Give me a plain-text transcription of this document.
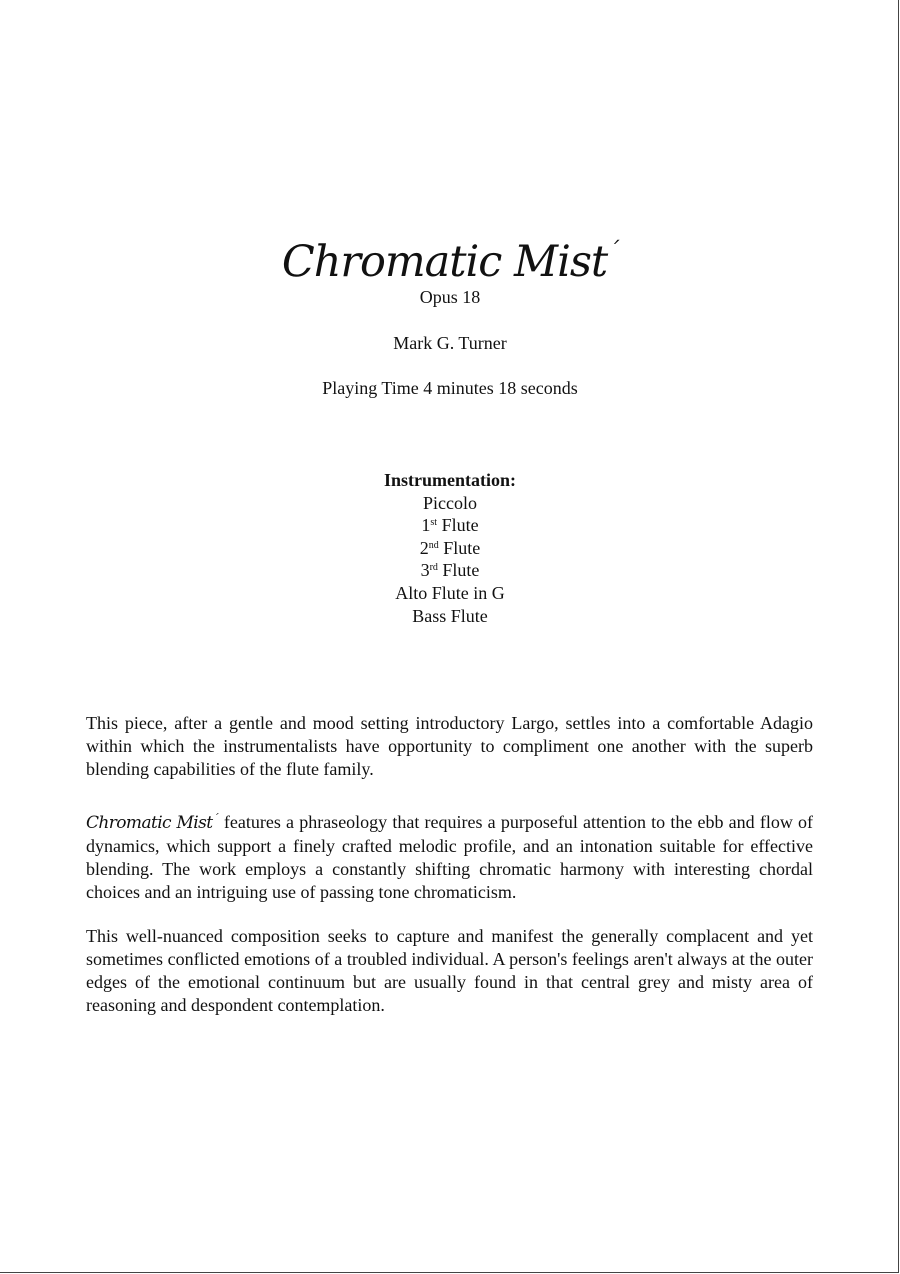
Chromatic Mistˊ
Opus 18
Mark G. Turner
Playing Time 4 minutes 18 seconds
Instrumentation:
Piccolo
1st Flute
2nd Flute
3rd Flute
Alto Flute in G
Bass Flute

This piece, after a gentle and mood setting introductory Largo, settles into a comfortable Adagio within which the instrumentalists have opportunity to compliment one another with the superb blending capabilities of the flute family.

Chromatic Mist$^ˊ$ features a phraseology that requires a purposeful attention to the ebb and flow of dynamics, which support a finely crafted melodic profile, and an intonation suitable for effective blending. The work employs a constantly shifting chromatic harmony with interesting chordal choices and an intriguing use of passing tone chromaticism.

This well-nuanced composition seeks to capture and manifest the generally complacent and yet sometimes conflicted emotions of a troubled individual. A person's feelings aren't always at the outer edges of the emotional continuum but are usually found in that central grey and misty area of reasoning and despondent contemplation.
